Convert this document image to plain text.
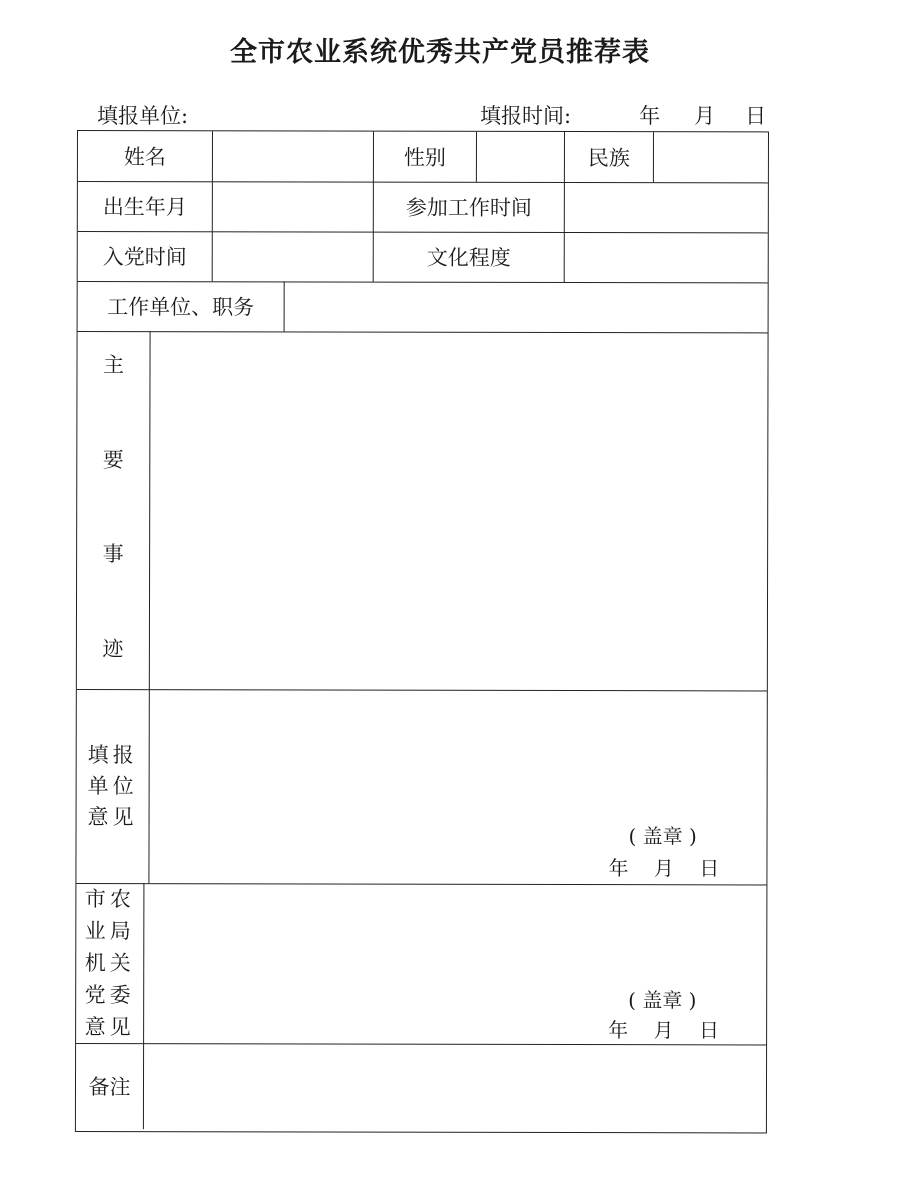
全市农业系统优秀共产党员推荐表
填报单位:	填报时间:	年 月 日
姓名	性别	民族
出生年月	参加工作时间
入党时间	文化程度
工作单位、职务
主
要
事
迹
填报
单位
意见
( 盖章 )
年    月    日
市农
业局
机关
党委
意见
( 盖章 )
年    月    日
备注
